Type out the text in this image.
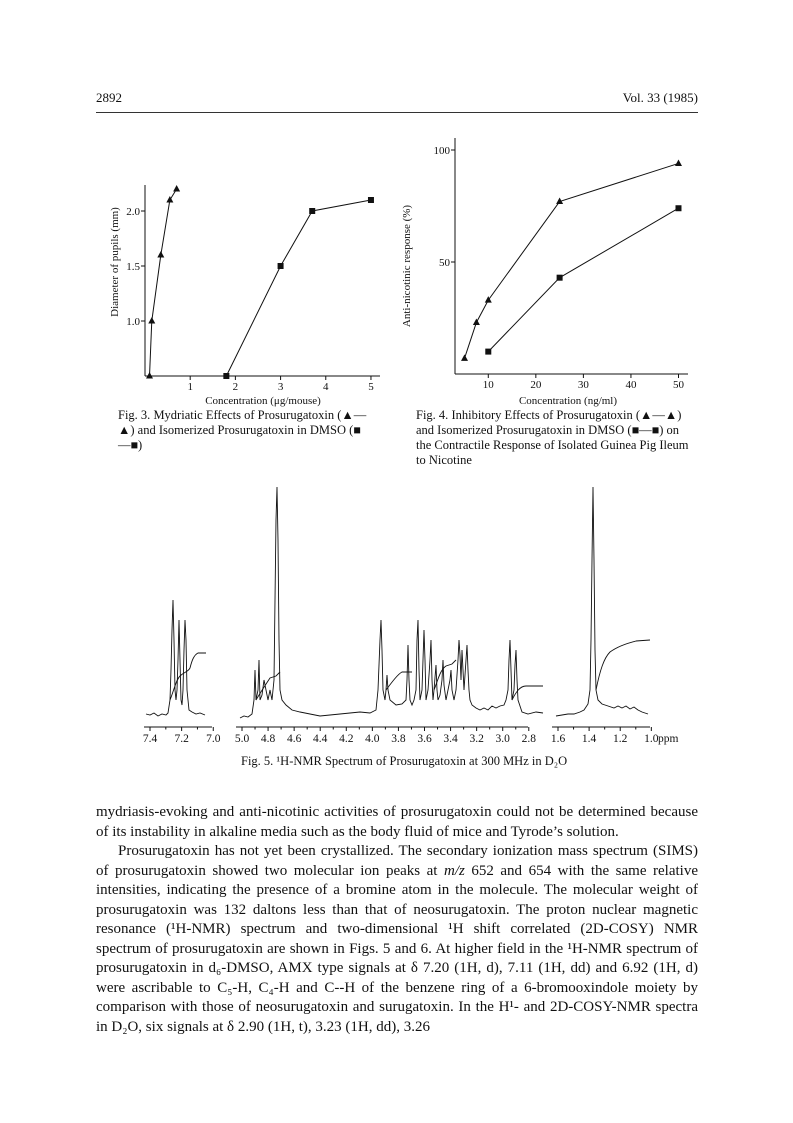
2892	Vol. 33 (1985)
1.0
1.5
2.0
1	2	3	4	5
Diameter of pupils (mm)
Concentration (μg/mouse)
50
100
10	20	30	40	50
Anti-nicotinic response (%)
Concentration (ng/ml)
Fig. 3. Mydriatic Effects of Prosurugatoxin (▲—▲) and Isomerized Prosurugatoxin in DMSO (■—■)
Fig. 4. Inhibitory Effects of Prosurugatoxin (▲—▲) and Isomerized Prosurugatoxin in DMSO (■—■) on the Contractile Response of Isolated Guinea Pig Ileum to Nicotine
7.4 7.2 7.0 5.0 4.8 4.6 4.4 4.2 4.0 3.8 3.6 3.4 3.2 3.0 2.8 1.6 1.4 1.2 1.0 ppm
Fig. 5. ¹H-NMR Spectrum of Prosurugatoxin at 300 MHz in D₂O

mydriasis-evoking and anti-nicotinic activities of prosurugatoxin could not be determined because of its instability in alkaline media such as the body fluid of mice and Tyrode’s solution.

Prosurugatoxin has not yet been crystallized. The secondary ionization mass spectrum (SIMS) of prosurugatoxin showed two molecular ion peaks at m/z 652 and 654 with the same relative intensities, indicating the presence of a bromine atom in the molecule. The molecular weight of prosurugatoxin was 132 daltons less than that of neosurugatoxin. The proton nuclear magnetic resonance (¹H-NMR) spectrum and two-dimensional ¹H shift correlated (2D-COSY) NMR spectrum of prosurugatoxin are shown in Figs. 5 and 6. At higher field in the ¹H-NMR spectrum of prosurugatoxin in d₆-DMSO, AMX type signals at δ 7.20 (1H, d), 7.11 (1H, dd) and 6.92 (1H, d) were ascribable to C₅-H, C₄-H and C-‑H of the benzene ring of a 6-bromooxindole moiety by comparison with those of neosurugatoxin and surugatoxin. In the H¹- and 2D-COSY-NMR spectra in D₂O, six signals at δ 2.90 (1H, t), 3.23 (1H, dd), 3.26
